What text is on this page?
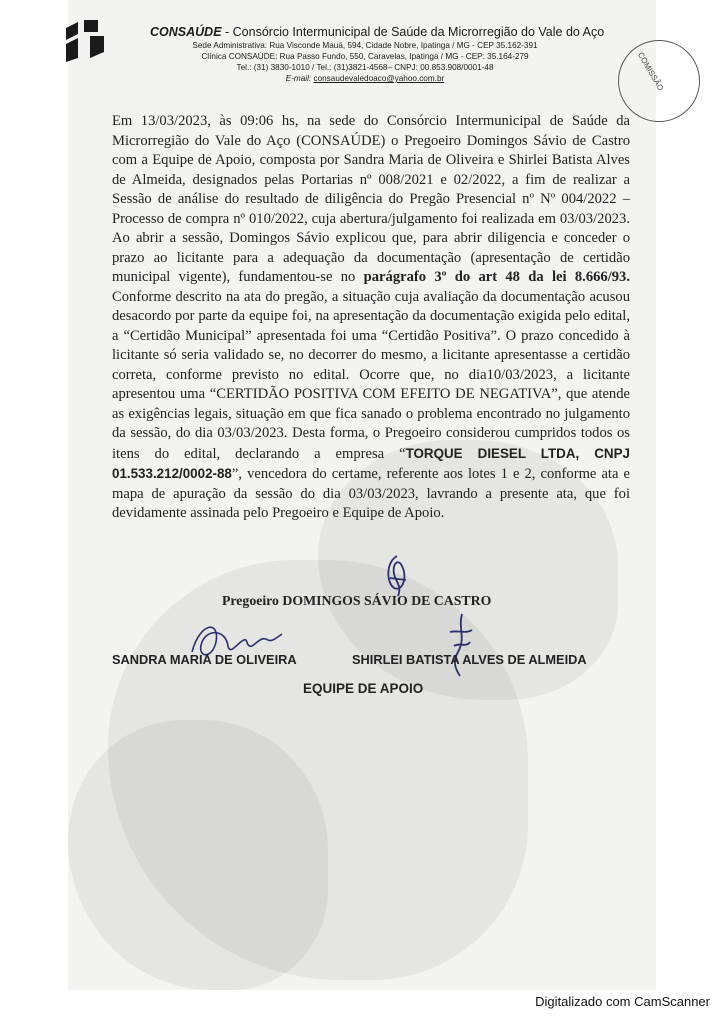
CONSAÚDE - Consórcio Intermunicipal de Saúde da Microrregião do Vale do Aço
Sede Administrativa: Rua Visconde Mauá, 594, Cidade Nobre, Ipatinga / MG - CEP 35.162-391
Clínica CONSAÚDE: Rua Passo Fundo, 550, Caravelas, Ipatinga / MG - CEP: 35.164-279
Tel.: (31) 3830-1010 / Tel.: (31)3821-4568– CNPJ: 00.853.908/0001-48
E-mail: consaudevaledoaco@yahoo.com.br	COMISSÃO

Em 13/03/2023, às 09:06 hs, na sede do Consórcio Intermunicipal de Saúde da Microrregião do Vale do Aço (CONSAÚDE) o Pregoeiro Domingos Sávio de Castro com a Equipe de Apoio, composta por Sandra Maria de Oliveira e Shirlei Batista Alves de Almeida, designados pelas Portarias nº 008/2021 e 02/2022, a fim de realizar a Sessão de análise do resultado de diligência do Pregão Presencial nº Nº 004/2022 – Processo de compra nº 010/2022, cuja abertura/julgamento foi realizada em 03/03/2023. Ao abrir a sessão, Domingos Sávio explicou que, para abrir diligencia e conceder o prazo ao licitante para a adequação da documentação (apresentação de certidão municipal vigente), fundamentou-se no parágrafo 3º do art 48 da lei 8.666/93. Conforme descrito na ata do pregão, a situação cuja avaliação da documentação acusou desacordo por parte da equipe foi, na apresentação da documentação exigida pelo edital, a “Certidão Municipal” apresentada foi uma “Certidão Positiva”. O prazo concedido à licitante só seria validado se, no decorrer do mesmo, a licitante apresentasse a certidão correta, conforme previsto no edital. Ocorre que, no dia10/03/2023, a licitante apresentou uma “CERTIDÃO POSITIVA COM EFEITO DE NEGATIVA”, que atende as exigências legais, situação em que fica sanado o problema encontrado no julgamento da sessão, do dia 03/03/2023. Desta forma, o Pregoeiro considerou cumpridos todos os itens do edital, declarando a empresa “TORQUE DIESEL LTDA, CNPJ 01.533.212/0002-88”, vencedora do certame, referente aos lotes 1 e 2, conforme ata e mapa de apuração da sessão do dia 03/03/2023, lavrando a presente ata, que foi devidamente assinada pelo Pregoeiro e Equipe de Apoio.

Pregoeiro DOMINGOS SÁVIO DE CASTRO
SANDRA MARIA DE OLIVEIRA	SHIRLEI BATISTA ALVES DE ALMEIDA
EQUIPE DE APOIO
Digitalizado com CamScanner
